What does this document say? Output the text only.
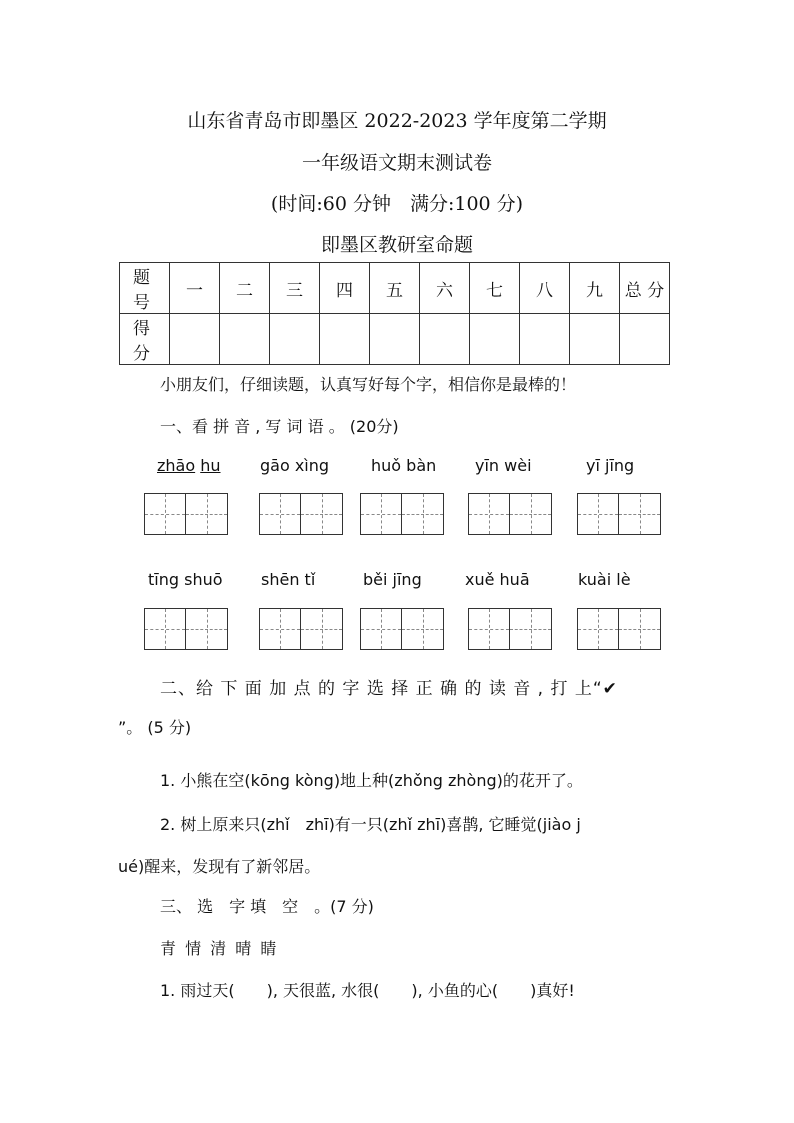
山东省青岛市即墨区 2022-2023 学年度第二学期
一年级语文期末测试卷
(时间:60 分钟　满分:100 分)
即墨区教研室命题
题 号	一	二	三	四	五	六	七	八	九	总 分
得 分										
小朋友们，仔细读题，认真写好每个字，相信你是最棒的！
一、看 拼 音 , 写 词 语 。 (20分)
zhāo hu gāo xìng	huǒ bàn yīn wèi	yī jīng
tīng shuō shēn tǐ	běi jīng	xuě huā	kuài lè
二、给 下 面 加 点 的 字 选 择 正 确 的 读 音 , 打 上“✔
”。 (5 分)
1. 小熊在空(kōng kòng)地上种(zhǒng zhòng)的花开了。
2. 树上原来只(zhǐ　zhī)有一只(zhǐ zhī)喜鹊, 它睡觉(jiào j
ué)醒来，发现有了新邻居。
三、 选　字 填　空　。(7 分)
青 情 清 晴 睛
1. 雨过天(　　), 天很蓝, 水很(　　), 小鱼的心(　　)真好!
